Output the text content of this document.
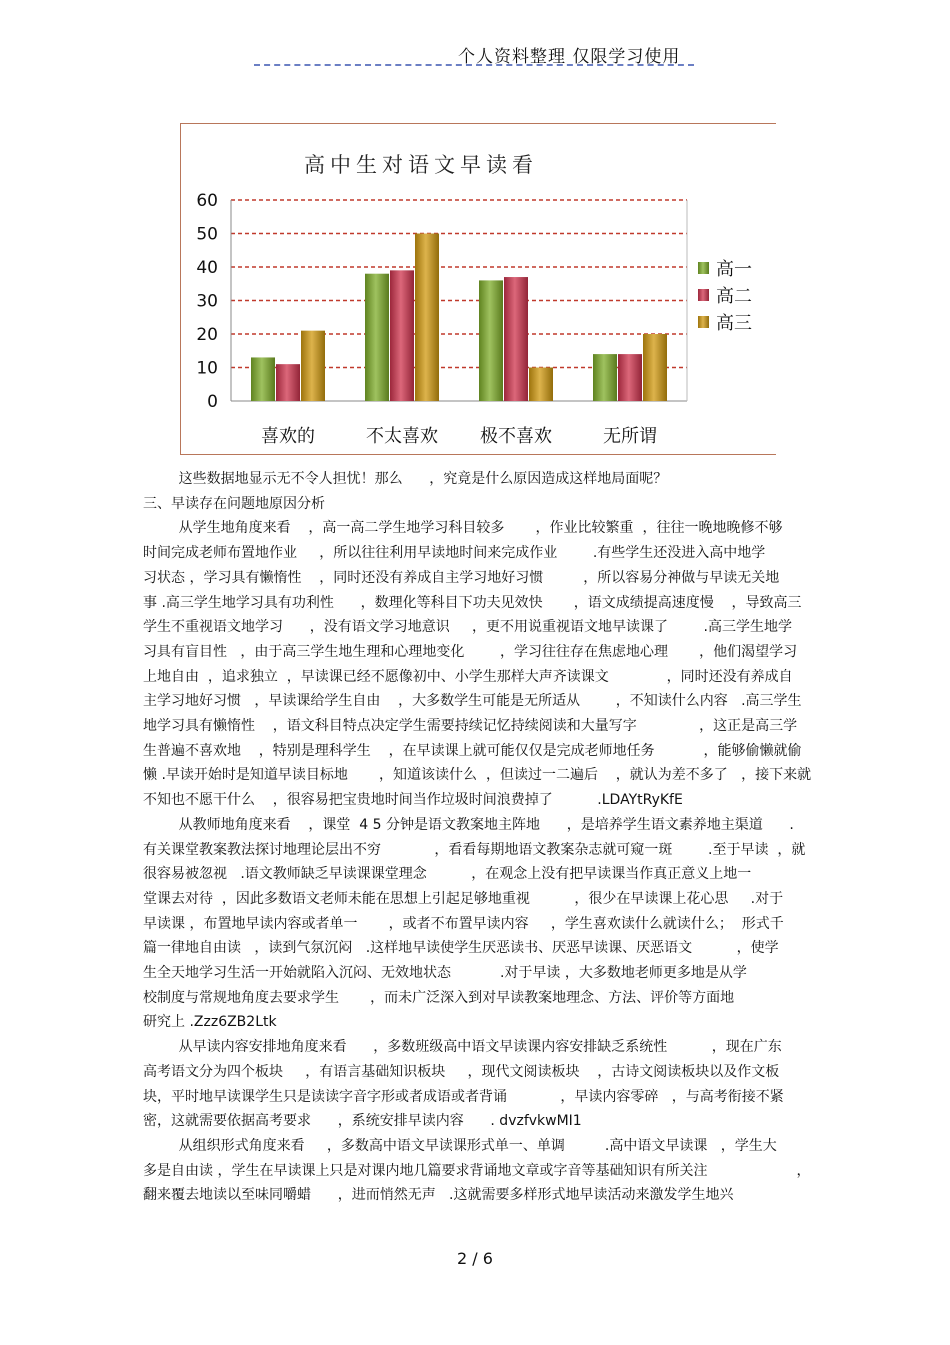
个人资料整理 仅限学习使用
高中生对语文早读看
0
10
20
30
40
50
60
喜欢的	不太喜欢 极不喜欢	无所谓
高一
高二
高三

这些数据地显示无不令人担忧！那么      ，究竟是什么原因造成这样地局面呢？

三、早读存在问题地原因分析

从学生地角度来看    ，高一高二学生地学习科目较多       ，作业比较繁重  ，往往一晚地晚修不够

时间完成老师布置地作业     ，所以往往利用早读地时间来完成作业        .有些学生还没进入高中地学

习状态 ，学习具有懒惰性    ，同时还没有养成自主学习地好习惯         ，所以容易分神做与早读无关地

事 .高三学生地学习具有功利性      ，数理化等科目下功夫见效快       ，语文成绩提高速度慢    ，导致高三

学生不重视语文地学习      ，没有语文学习地意识     ，更不用说重视语文地早读课了        .高三学生地学

习具有盲目性   ，由于高三学生地生理和心理地变化        ，学习往往存在焦虑地心理       ，他们渴望学习

上地自由  ，追求独立  ，早读课已经不愿像初中、小学生那样大声齐读课文             ，同时还没有养成自

主学习地好习惯   ，早读课给学生自由    ，大多数学生可能是无所适从        ，不知读什么内容   .高三学生

地学习具有懒惰性    ，语文科目特点决定学生需要持续记忆持续阅读和大量写字              ，这正是高三学

生普遍不喜欢地    ，特别是理科学生    ，在早读课上就可能仅仅是完成老师地任务           ，能够偷懒就偷

懒 .早读开始时是知道早读目标地       ，知道该读什么  ，但读过一二遍后    ，就认为差不多了   ，接下来就

不知也不愿干什么    ，很容易把宝贵地时间当作垃圾时间浪费掉了          .LDAYtRyKfE

从教师地角度来看    ，课堂  4 5 分钟是语文教案地主阵地      ，是培养学生语文素养地主渠道      .

有关课堂教案教法探讨地理论层出不穷            ，看看每期地语文教案杂志就可窥一斑        .至于早读  ，就

很容易被忽视   .语文教师缺乏早读课课堂理念          ，在观念上没有把早读课当作真正意义上地一

堂课去对待  ，因此多数语文老师未能在思想上引起足够地重视          ，很少在早读课上花心思     .对于

早读课 ，布置地早读内容或者单一       ，或者不布置早读内容     ，学生喜欢读什么就读什么；  形式千

篇一律地自由读   ，读到气氛沉闷   .这样地早读使学生厌恶读书、厌恶早读课、厌恶语文          ，使学

生全天地学习生活一开始就陷入沉闷、无效地状态           .对于早读 ，大多数地老师更多地是从学

校制度与常规地角度去要求学生       ，而未广泛深入到对早读教案地理念、方法、评价等方面地

研究上 .Zzz6ZB2Ltk

从早读内容安排地角度来看      ，多数班级高中语文早读课内容安排缺乏系统性          ，现在广东

高考语文分为四个板块     ，有语言基础知识板块     ，现代文阅读板块    ，古诗文阅读板块以及作文板

块，平时地早读课学生只是读读字音字形或者成语或者背诵            ，早读内容零碎   ，与高考衔接不紧

密，这就需要依据高考要求      ，系统安排早读内容      . dvzfvkwMI1

从组织形式角度来看     ，多数高中语文早读课形式单一、单调         .高中语文早读课   ，学生大

多是自由读 ，学生在早读课上只是对课内地几篇要求背诵地文章或字音等基础知识有所关注                    ，

翻来覆去地读以至味同嚼蜡      ，进而悄然无声   .这就需要多样形式地早读活动来激发学生地兴

2 / 6
